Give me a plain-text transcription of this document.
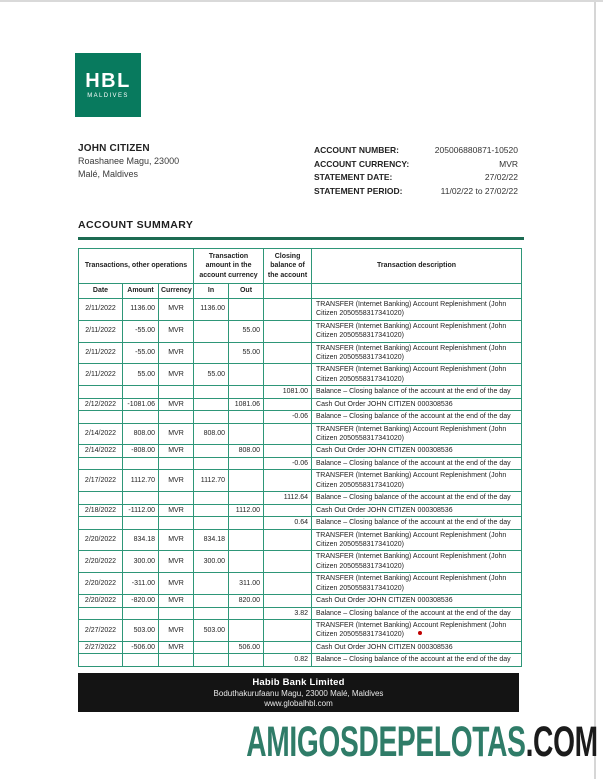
HBL
MALDIVES
JOHN CITIZEN
Roashanee Magu, 23000
Malé, Maldives
ACCOUNT NUMBER:	205006880871-10520
ACCOUNT CURRENCY:	MVR
STATEMENT DATE:	27/02/22
STATEMENT PERIOD:	11/02/22 to 27/02/22
ACCOUNT SUMMARY
Transactions, other operations			Transaction amount in the account currency		Closing balance of the account	Transaction description
Date	Amount	Currency	In	Out		
2/11/2022	1136.00	MVR	1136.00			TRANSFER (Internet Banking) Account Replenishment (John Citizen 2050558317341020)
2/11/2022	-55.00	MVR		55.00		TRANSFER (Internet Banking) Account Replenishment (John Citizen 2050558317341020)
2/11/2022	-55.00	MVR		55.00		TRANSFER (Internet Banking) Account Replenishment (John Citizen 2050558317341020)
2/11/2022	55.00	MVR	55.00			TRANSFER (Internet Banking) Account Replenishment (John Citizen 2050558317341020)
					1081.00	Balance – Closing balance of the account at the end of the day
2/12/2022	-1081.06	MVR		1081.06		Cash Out Order JOHN CITIZEN 000308536
					-0.06	Balance – Closing balance of the account at the end of the day
2/14/2022	808.00	MVR	808.00			TRANSFER (Internet Banking) Account Replenishment (John Citizen 2050558317341020)
2/14/2022	-808.00	MVR		808.00		Cash Out Order JOHN CITIZEN 000308536
					-0.06	Balance – Closing balance of the account at the end of the day
2/17/2022	1112.70	MVR	1112.70			TRANSFER (Internet Banking) Account Replenishment (John Citizen 2050558317341020)
					1112.64	Balance – Closing balance of the account at the end of the day
2/18/2022	-1112.00	MVR		1112.00		Cash Out Order JOHN CITIZEN 000308536
					0.64	Balance – Closing balance of the account at the end of the day
2/20/2022	834.18	MVR	834.18			TRANSFER (Internet Banking) Account Replenishment (John Citizen 2050558317341020)
2/20/2022	300.00	MVR	300.00			TRANSFER (Internet Banking) Account Replenishment (John Citizen 2050558317341020)
2/20/2022	-311.00	MVR		311.00		TRANSFER (Internet Banking) Account Replenishment (John Citizen 2050558317341020)
2/20/2022	-820.00	MVR		820.00		Cash Out Order JOHN CITIZEN 000308536
					3.82	Balance – Closing balance of the account at the end of the day
2/27/2022	503.00	MVR	503.00			TRANSFER (Internet Banking) Account Replenishment (John Citizen 2050558317341020)
2/27/2022	-506.00	MVR		506.00		Cash Out Order JOHN CITIZEN 000308536
					0.82	Balance – Closing balance of the account at the end of the day
Habib Bank Limited
Boduthakurufaanu Magu, 23000 Malé, Maldives
www.globalhbl.com
AMIGOSDEPELOTAS.COM
